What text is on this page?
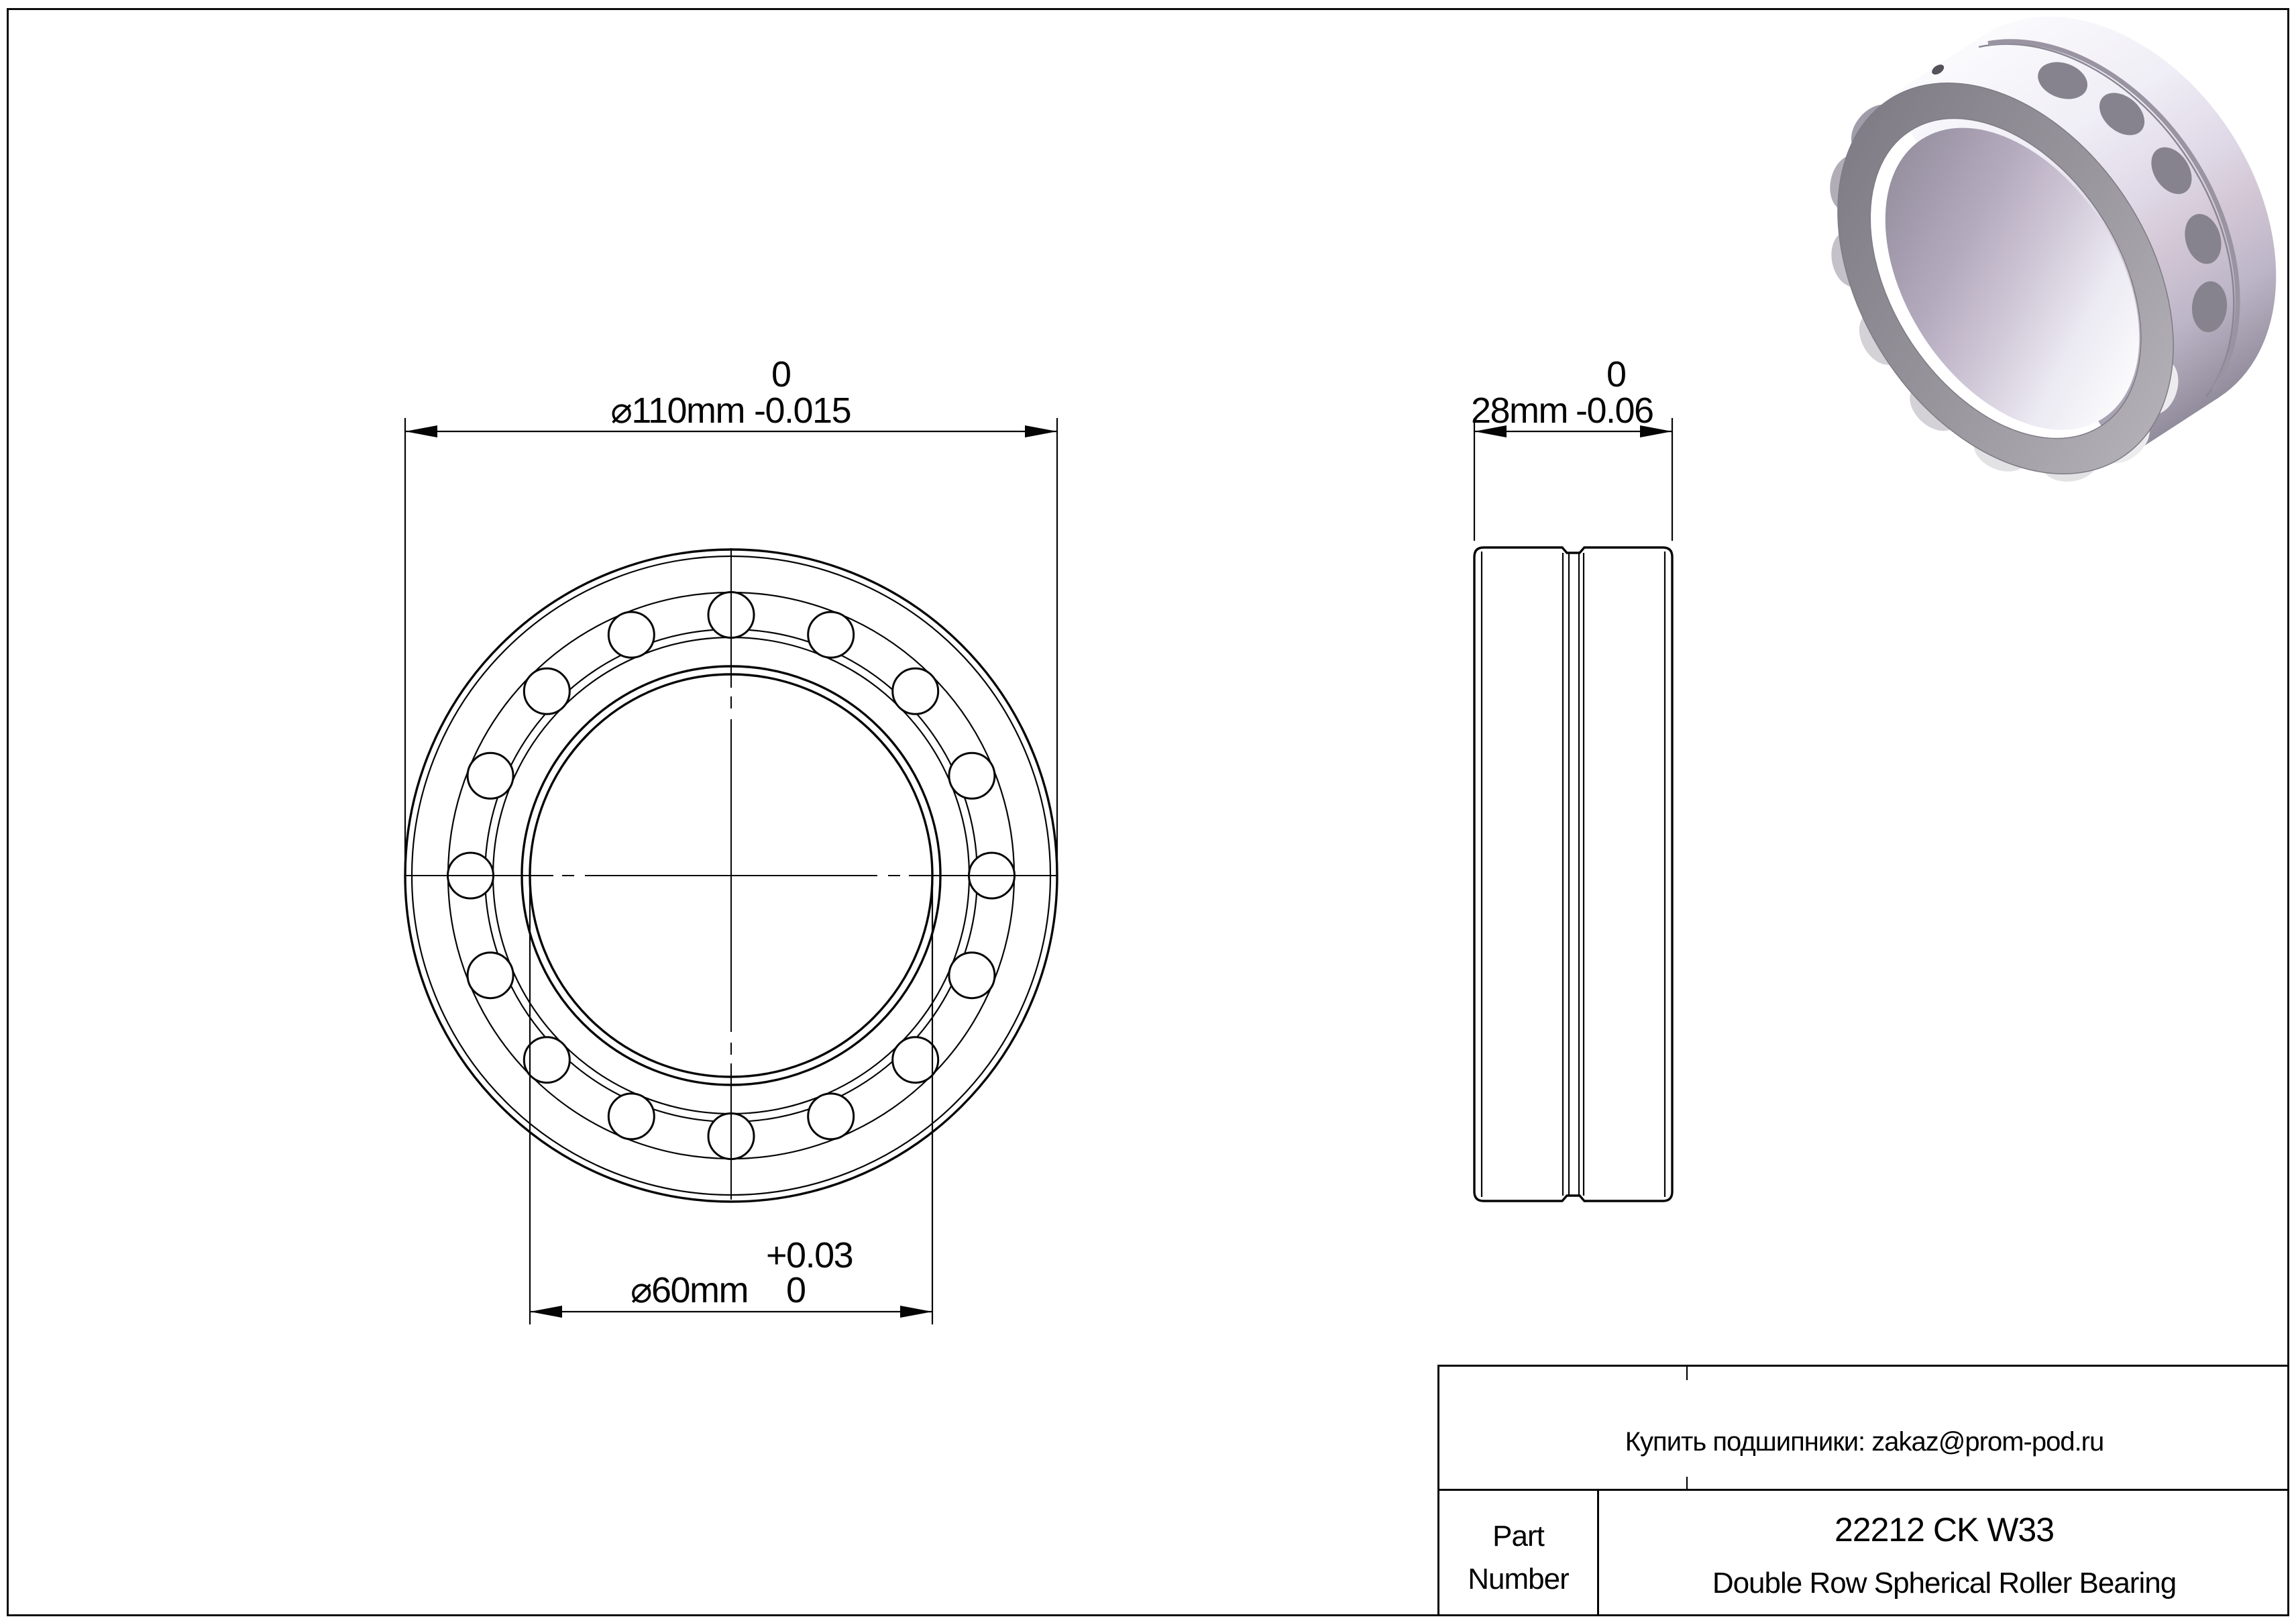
⌀110mm -0.015
0
⌀60mm
+0.03
0
28mm -0.06
0
Купить подшипники: zakaz@prom-pod.ru
Part Number
22212 CK W33
Double Row Spherical Roller Bearing
